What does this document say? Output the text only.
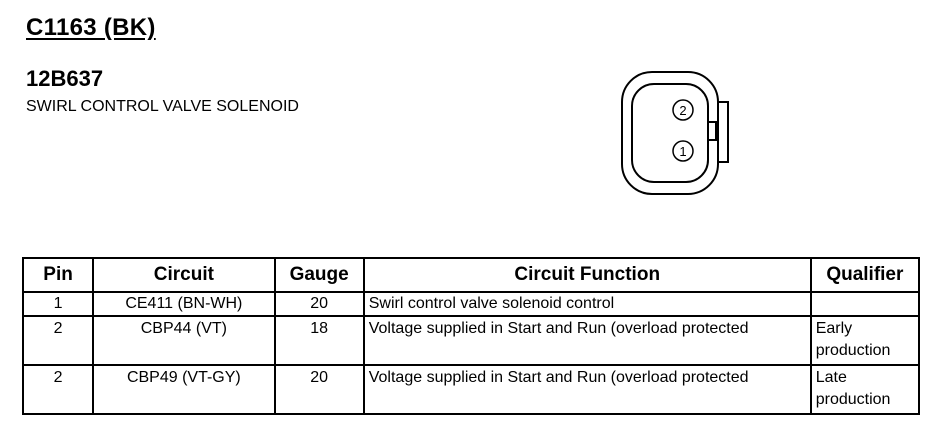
C1163 (BK)
12B637
SWIRL CONTROL VALVE SOLENOID	2
1
Pin	Circuit	Gauge	Circuit Function	Qualifier
1	CE411 (BN-WH)	20	Swirl control valve solenoid control	
2	CBP44 (VT)	18	Voltage supplied in Start and Run (overload protected	Early production
2	CBP49 (VT-GY)	20	Voltage supplied in Start and Run (overload protected	Late production
